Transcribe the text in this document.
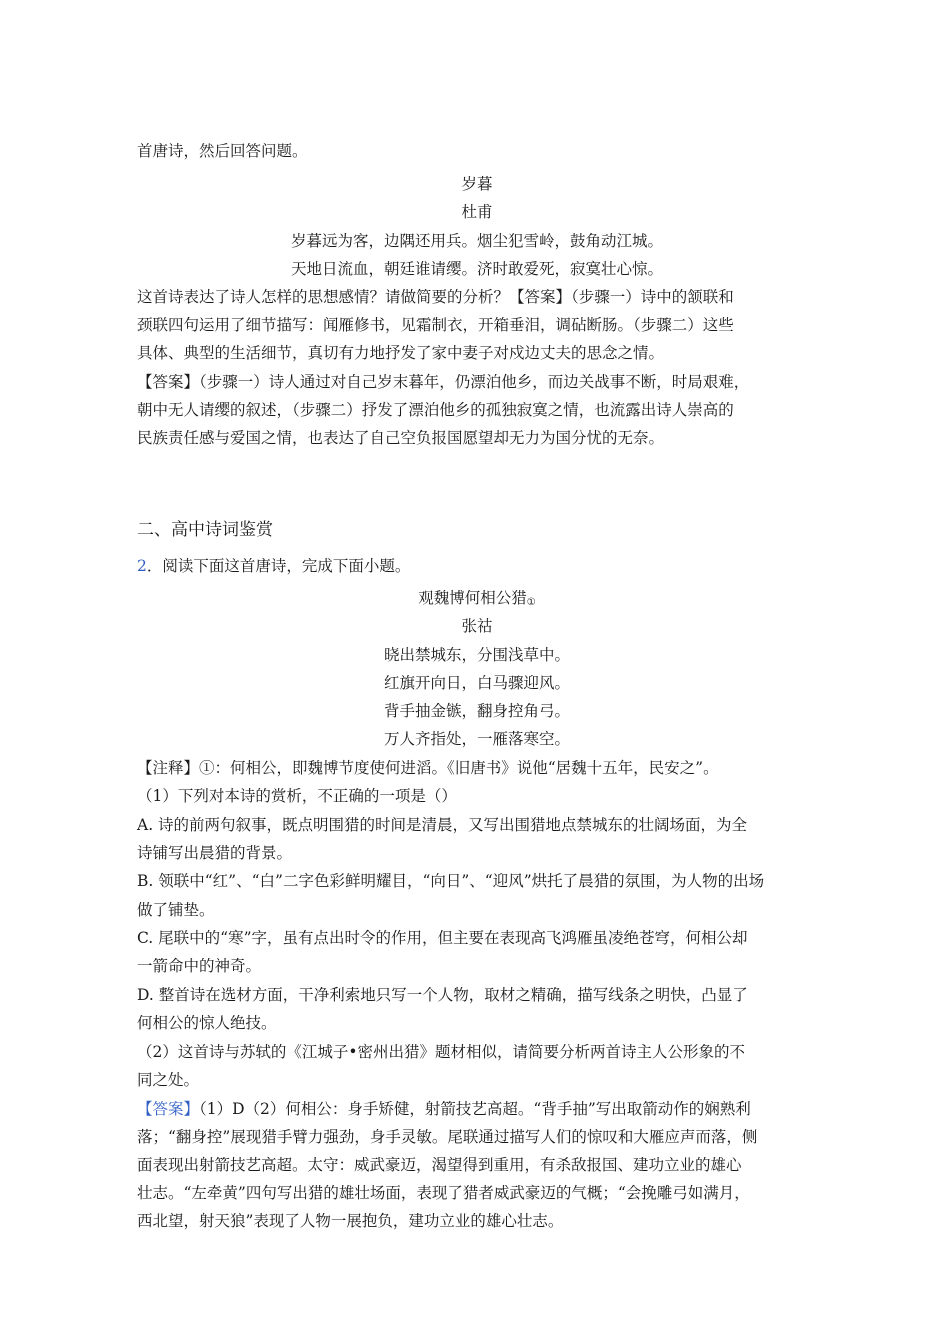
首唐诗，然后回答问题。
岁暮
杜甫
岁暮远为客，边隅还用兵。烟尘犯雪岭，鼓角动江城。
天地日流血，朝廷谁请缨。济时敢爱死，寂寞壮心惊。
这首诗表达了诗人怎样的思想感情？请做简要的分析？【答案】（步骤一）诗中的颔联和
颈联四句运用了细节描写：闻雁修书，见霜制衣，开箱垂泪，调砧断肠。（步骤二）这些
具体、典型的生活细节，真切有力地抒发了家中妻子对戍边丈夫的思念之情。
【答案】（步骤一）诗人通过对自己岁末暮年，仍漂泊他乡，而边关战事不断，时局艰难，
朝中无人请缨的叙述，（步骤二）抒发了漂泊他乡的孤独寂寞之情，也流露出诗人崇高的
民族责任感与爱国之情，也表达了自己空负报国愿望却无力为国分忧的无奈。
二、高中诗词鉴赏
2．阅读下面这首唐诗，完成下面小题。
观魏博何相公猎$_①$
张祜
晓出禁城东，分围浅草中。
红旗开向日，白马骤迎风。
背手抽金镞，翻身控角弓。
万人齐指处，一雁落寒空。
【注释】①：何相公，即魏博节度使何进滔。《旧唐书》说他“居魏十五年，民安之”。
（1）下列对本诗的赏析，不正确的一项是（）
A. 诗的前两句叙事，既点明围猎的时间是清晨，又写出围猎地点禁城东的壮阔场面，为全
诗铺写出晨猎的背景。
B. 领联中“红”、“白”二字色彩鲜明耀目，“向日”、“迎风”烘托了晨猎的氛围，为人物的出场
做了铺垫。
C. 尾联中的“寒”字，虽有点出时令的作用，但主要在表现高飞鸿雁虽凌绝苍穹，何相公却
一箭命中的神奇。
D. 整首诗在选材方面，干净利索地只写一个人物，取材之精确，描写线条之明快，凸显了
何相公的惊人绝技。
（2）这首诗与苏轼的《江城子•密州出猎》题材相似，请简要分析两首诗主人公形象的不
同之处。
【答案】（1）D（2）何相公：身手矫健，射箭技艺高超。“背手抽”写出取箭动作的娴熟利
落；“翻身控”展现猎手臂力强劲，身手灵敏。尾联通过描写人们的惊叹和大雁应声而落，侧
面表现出射箭技艺高超。太守：威武豪迈，渴望得到重用，有杀敌报国、建功立业的雄心
壮志。“左牵黄”四句写出猎的雄壮场面，表现了猎者威武豪迈的气概；“会挽雕弓如满月，
西北望，射天狼”表现了人物一展抱负，建功立业的雄心壮志。
